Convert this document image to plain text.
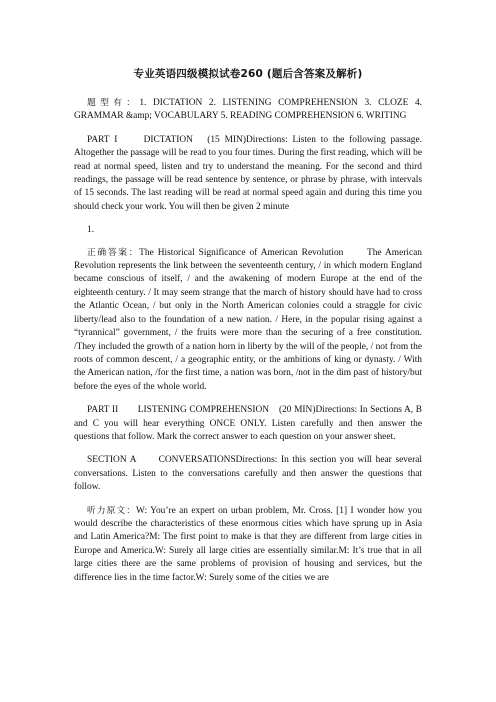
专业英语四级模拟试卷260 (题后含答案及解析)

题型有：1. DICTATION 2. LISTENING COMPREHENSION 3. CLOZE 4. GRAMMAR &amp; VOCABULARY 5. READING COMPREHENSION 6. WRITING

PART I　　DICTATION　(15 MIN)Directions: Listen to the following passage. Altogether the passage will be read to you four times. During the first reading, which will be read at normal speed, listen and try to understand the meaning. For the second and third readings, the passage will be read sentence by sentence, or phrase by phrase, with intervals of 15 seconds. The last reading will be read at normal speed again and during this time you should check your work. You will then be given 2 minute

1.

正确答案：The Historical Significance of American Revolution　　The American Revolution represents the link between the seventeenth century, / in which modern England became conscious of itself, / and the awakening of modern Europe at the end of the eighteenth century. / It may seem strange that the march of history should have had to cross the Atlantic Ocean, / but only in the North American colonies could a straggle for civic liberty/lead also to the foundation of a new nation. / Here, in the popular rising against a “tyrannical” government, / the fruits were more than the securing of a free constitution. /They included the growth of a nation horn in liberty by the will of the people, / not from the roots of common descent, / a geographic entity, or the ambitions of king or dynasty. / With the American nation, /for the first time, a nation was born, /not in the dim past of history/but before the eyes of the whole world.

PART II　　LISTENING COMPREHENSION　(20 MIN)Directions: In Sections A, B and C you will hear everything ONCE ONLY. Listen carefully and then answer the questions that follow. Mark the correct answer to each question on your answer sheet.

SECTION A　　CONVERSATIONSDirections: In this section you will hear several conversations. Listen to the conversations carefully and then answer the questions that follow.

听力原文：W: You’re an expert on urban problem, Mr. Cross. [1] I wonder how you would describe the characteristics of these enormous cities which have sprung up in Asia and Latin America?M: The first point to make is that they are different from large cities in Europe and America.W: Surely all large cities are essentially similar.M: It’s true that in all large cities there are the same problems of provision of housing and services, but the difference lies in the time factor.W: Surely some of the cities we are
